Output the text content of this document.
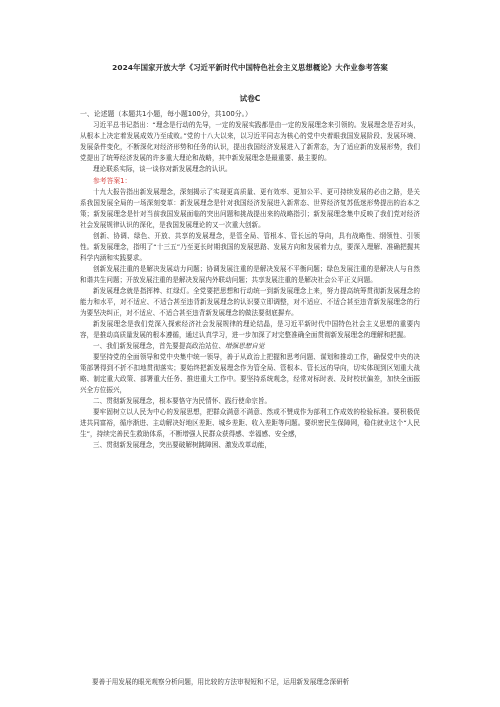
2024年国家开放大学《习近平新时代中国特色社会主义思想概论》大作业参考答案

试卷C

一、论述题（本题共1小题，每小题100分，共100分。）

习近平总书记指出：“理念是行动的先导，一定的发展实践都是由一定的发展理念来引领的。发展理念是否对头，从根本上决定着发展成效乃至成败。”党的十八大以来，以习近平同志为核心的党中央着眼我国发展阶段、发展环境、发展条件变化，不断深化对经济形势和任务的认识，提出我国经济发展进入了新常态，为了适应新的发展形势，我们党提出了统筹经济发展的许多重大理论和战略，其中新发展理念是最重要、最主要的。

理论联系实际，谈一谈你对新发展理念的认识。

参考答案1：

十九大报告指出新发展理念，深刻揭示了实现更高质量、更有效率、更加公平、更可持续发展的必由之路，是关系我国发展全局的一场深刻变革：新发展理念是针对我国经济发展进入新常态、世界经济复苏低迷形势提出的治本之策；新发展理念是针对当前我国发展面临的突出问题和挑战提出来的战略指引；新发展理念集中反映了我们党对经济社会发展规律认识的深化，是我国发展理论的又一次重大创新。

创新、协调、绿色、开放、共享的发展理念，是管全局、管根本、管长远的导向，具有战略性、纲领性、引领性。新发展理念，指明了“十三五”乃至更长时期我国的发展思路、发展方向和发展着力点，要深入理解、准确把握其科学内涵和实践要求。

创新发展注重的是解决发展动力问题；协调发展注重的是解决发展不平衡问题；绿色发展注重的是解决人与自然和谐共生问题；开放发展注重的是解决发展内外联动问题；共享发展注重的是解决社会公平正义问题。

新发展理念就是指挥棒、红绿灯。全党要把思想和行动统一到新发展理念上来，努力提高统筹贯彻新发展理念的能力和水平，对不适应、不适合甚至违背新发展理念的认识要立即调整，对不适应、不适合甚至违背新发展理念的行为要坚决纠正，对不适应、不适合甚至违背新发展理念的做法要彻底摒弃。

新发展理念是我们党深入探索经济社会发展规律的理论结晶，是习近平新时代中国特色社会主义思想的重要内容，是推动高质量发展的根本遵循，通过认真学习，进一步加深了对完整准确全面贯彻新发展理念的理解和把握。

一、我们新发展理念，首先要提高政治站位、增强思想自觉

要坚持党的全面领导和党中央集中统一领导，善于从政治上把握和思考问题、谋划和推动工作，确保党中央的决策部署得到不折不扣地贯彻落实；要始终把新发展理念作为管全局、管根本、管长远的导向，切实体现到区划重大战略、制定重大政策、部署重大任务、推进重大工作中。要坚持系统观念，经常对标时表、及时校状偏差，加快全面振兴全方位振兴，

二、贯彻新发展理念，根本要恪守为民情怀、践行使命宗旨。

要牢固树立以人民为中心的发展思想，把群众满意不满意、然或不赞成作为部利工作成效的检验标准。要积极促进共同富裕，循序渐进、主动解决好地区差距、城乡差距、收入差距等问题。要织密民生保障网，稳住就业这个“人民生”，持续完善民生救助体系，不断增强人民群众获得感、幸福感、安全感，

三、贯彻新发展理念，突出要破解树跳障困、激发改革动能，

要善于用发展的眼光观察分析问题，用比较的方法审视短和不足，运用新发展理念深研析
